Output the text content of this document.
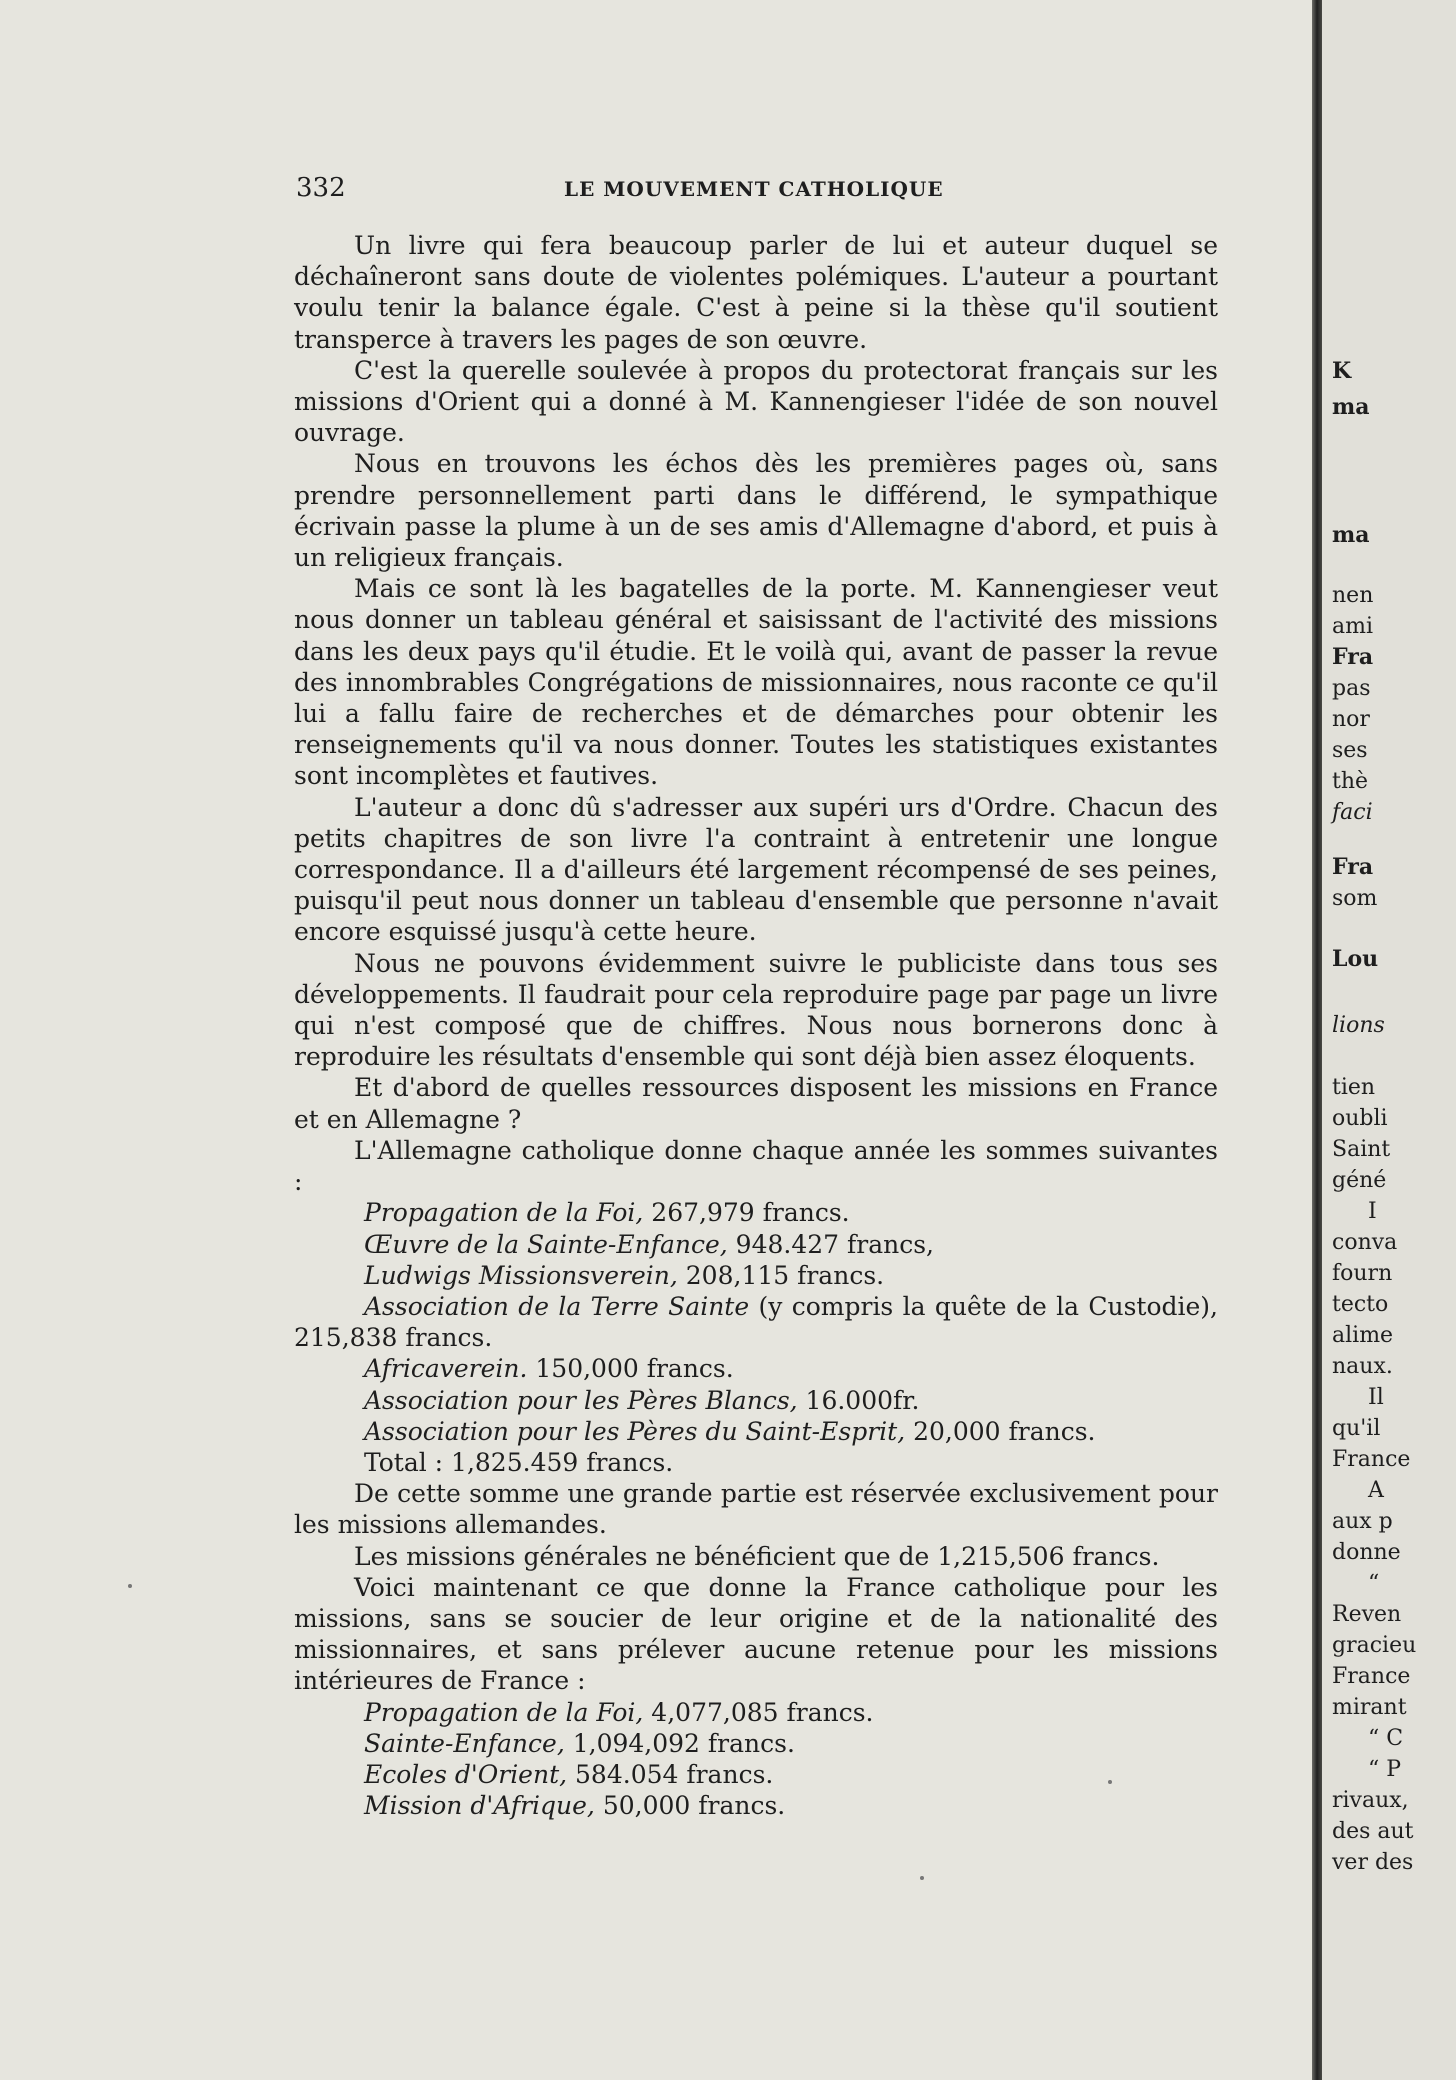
332	LE MOUVEMENT CATHOLIQUE

Un livre qui fera beaucoup parler de lui et auteur duquel se déchaîneront sans doute de violentes polémiques. L'auteur a pourtant voulu tenir la balance égale. C'est à peine si la thèse qu'il soutient transperce à travers les pages de son œuvre.

C'est la querelle soulevée à propos du protectorat français sur les missions d'Orient qui a donné à M. Kannengieser l'idée de son nouvel ouvrage.

Nous en trouvons les échos dès les premières pages où, sans prendre personnellement parti dans le différend, le sympathique écrivain passe la plume à un de ses amis d'Allemagne d'abord, et puis à un religieux français.

Mais ce sont là les bagatelles de la porte. M. Kannengieser veut nous donner un tableau général et saisissant de l'activité des missions dans les deux pays qu'il étudie. Et le voilà qui, avant de passer la revue des innombrables Congrégations de missionnaires, nous raconte ce qu'il lui a fallu faire de recherches et de démarches pour obtenir les renseignements qu'il va nous donner. Toutes les statistiques existantes sont incomplètes et fautives.

L'auteur a donc dû s'adresser aux supéri urs d'Ordre. Chacun des petits chapitres de son livre l'a contraint à entretenir une longue correspondance. Il a d'ailleurs été largement récompensé de ses peines, puisqu'il peut nous donner un tableau d'ensemble que personne n'avait encore esquissé jusqu'à cette heure.

Nous ne pouvons évidemment suivre le publiciste dans tous ses développements. Il faudrait pour cela reproduire page par page un livre qui n'est composé que de chiffres. Nous nous bornerons donc à reproduire les résultats d'ensemble qui sont déjà bien assez éloquents.

Et d'abord de quelles ressources disposent les missions en France et en Allemagne ?

L'Allemagne catholique donne chaque année les sommes suivantes :

Propagation de la Foi, 267,979 francs.

Œuvre de la Sainte-Enfance, 948.427 francs,

Ludwigs Missionsverein, 208,115 francs.

Association de la Terre Sainte (y compris la quête de la Custodie), 215,838 francs.

Africaverein. 150,000 francs.

Association pour les Pères Blancs, 16.000fr.

Association pour les Pères du Saint-Esprit, 20,000 francs.

Total : 1,825.459 francs.

De cette somme une grande partie est réservée exclusivement pour les missions allemandes.

Les missions générales ne bénéficient que de 1,215,506 francs.

Voici maintenant ce que donne la France catholique pour les missions, sans se soucier de leur origine et de la nationalité des missionnaires, et sans prélever aucune retenue pour les missions intérieures de France :

Propagation de la Foi, 4,077,085 francs.

Sainte-Enfance, 1,094,092 francs.

Ecoles d'Orient, 584.054 francs.

Mission d'Afrique, 50,000 francs.

K
ma
ma
nen
ami
Fra
pas
nor
ses
thè
faci
Fra
som
Lou
lions
tien
oubli
Saint
géné
I
conva
fourn
tecto
alime
naux.
Il
qu'il
France
A
aux p
donne
“
Reven
gracieu
France
mirant
“ C
“ P
rivaux,
des aut
ver des
